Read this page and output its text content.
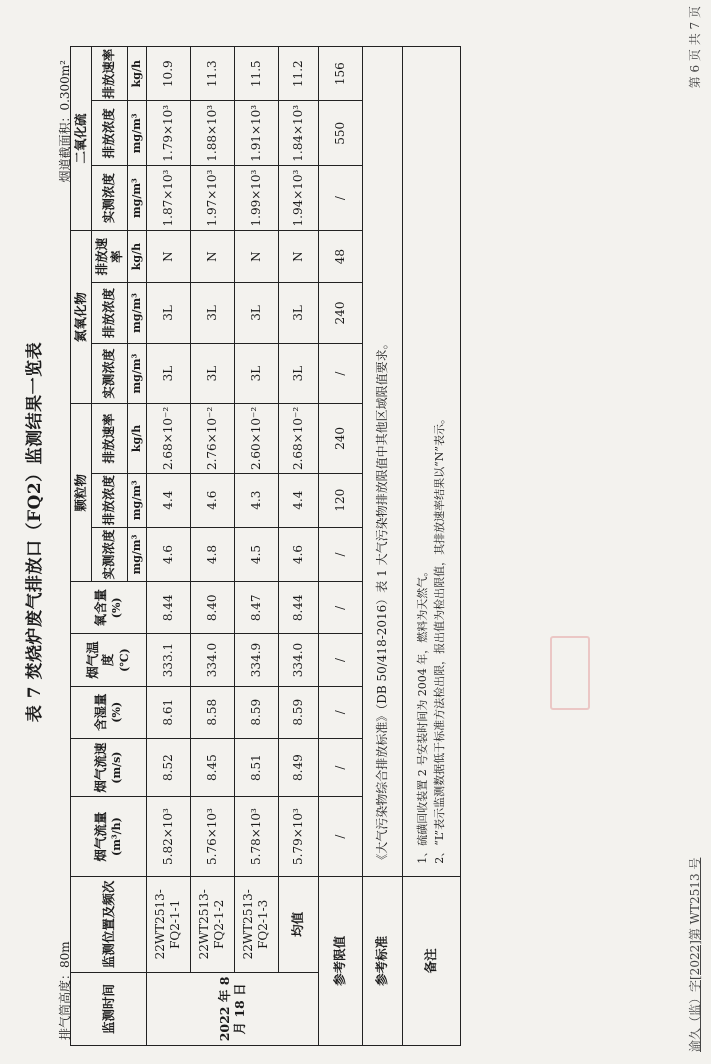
表 7 焚烧炉废气排放口（FQ2）监测结果一览表
排气筒高度：80m
烟道截面积：0.300m²
监测时间	监测位置及频次	烟气流量 (m³/h)	烟气流速 (m/s)	含湿量 (%)	烟气温度 (℃)	氧含量 (%)	颗粒物			氮氧化物			二氧化硫		
							实测浓度	排放浓度	排放速率	实测浓度	排放浓度	排放速率	实测浓度	排放浓度	排放速率
							mg/m³	mg/m³	kg/h	mg/m³	mg/m³	kg/h	mg/m³	mg/m³	kg/h
2022 年 8 月 18 日	22WT2513-FQ2-1-1	5.82×10³	8.52	8.61	333.1	8.44	4.6	4.4	2.68×10⁻²	3L	3L	N	1.87×10³	1.79×10³	10.9
	22WT2513-FQ2-1-2	5.76×10³	8.45	8.58	334.0	8.40	4.8	4.6	2.76×10⁻²	3L	3L	N	1.97×10³	1.88×10³	11.3
	22WT2513-FQ2-1-3	5.78×10³	8.51	8.59	334.9	8.47	4.5	4.3	2.60×10⁻²	3L	3L	N	1.99×10³	1.91×10³	11.5
	均值	5.79×10³	8.49	8.59	334.0	8.44	4.6	4.4	2.68×10⁻²	3L	3L	N	1.94×10³	1.84×10³	11.2
参考限值		/	/	/	/	/	/	120	240	/	240	48	/	550	156
参考标准		《大气污染物综合排放标准》（DB 50/418-2016）表 1 大气污染物排放限值中其他区域限值要求。													
备注		1、硫磺回收装置 2 号安装时间为 2004 年，燃料为天然气。 2、“L”表示监测数据低于标准方法检出限，报出值为检出限值，其排放速率结果以“N”表示。													
渝久（监）字[2022]第 WT2513 号
第 6 页 共 7 页
